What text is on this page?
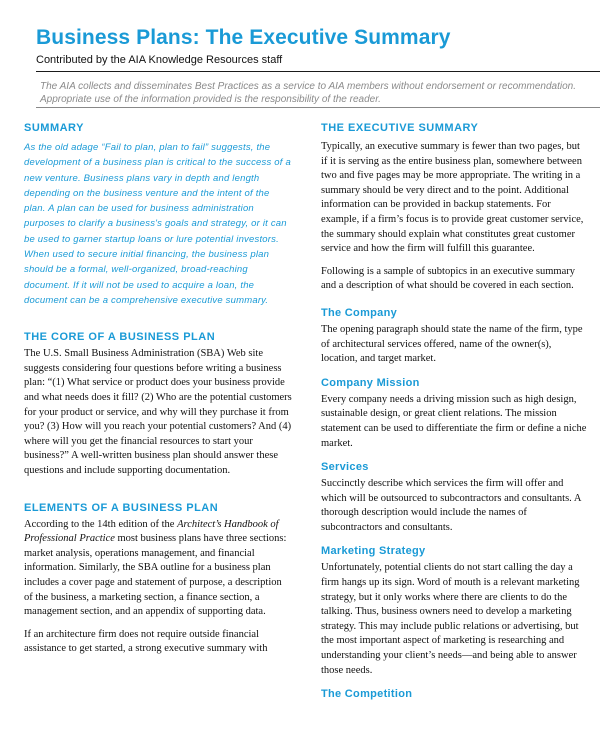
Business Plans: The Executive Summary
Contributed by the AIA Knowledge Resources staff
The AIA collects and disseminates Best Practices as a service to AIA members without endorsement or recommendation.
Appropriate use of the information provided is the responsibility of the reader.
SUMMARY

As the old adage “Fail to plan, plan to fail” suggests, the development of a business plan is critical to the success of a new venture. Business plans vary in depth and length depending on the business venture and the intent of the plan. A plan can be used for business administration purposes to clarify a business's goals and strategy, or it can be used to garner startup loans or lure potential investors. When used to secure initial financing, the business plan should be a formal, well-organized, broad-reaching document. If it will not be used to acquire a loan, the document can be a comprehensive executive summary.

THE CORE OF A BUSINESS PLAN

The U.S. Small Business Administration (SBA) Web site suggests considering four questions before writing a business plan: “(1) What service or product does your business provide and what needs does it fill? (2) Who are the potential customers for your product or service, and why will they purchase it from you? (3) How will you reach your potential customers? And (4) where will you get the financial resources to start your business?” A well-written business plan should answer these questions and include supporting documentation.

ELEMENTS OF A BUSINESS PLAN

According to the 14th edition of the Architect’s Handbook of Professional Practice most business plans have three sections: market analysis, operations management, and financial information. Similarly, the SBA outline for a business plan includes a cover page and statement of purpose, a description of the business, a marketing section, a finance section, a management section, and an appendix of supporting data.

If an architecture firm does not require outside financial assistance to get started, a strong executive summary with

THE EXECUTIVE SUMMARY

Typically, an executive summary is fewer than two pages, but if it is serving as the entire business plan, somewhere between two and five pages may be more appropriate. The writing in a summary should be very direct and to the point. Additional information can be provided in backup statements. For example, if a firm’s focus is to provide great customer service, the summary should explain what constitutes great customer service and how the firm will fulfill this guarantee.

Following is a sample of subtopics in an executive summary and a description of what should be covered in each section.

The Company

The opening paragraph should state the name of the firm, type of architectural services offered, name of the owner(s), location, and target market.

Company Mission

Every company needs a driving mission such as high design, sustainable design, or great client relations. The mission statement can be used to differentiate the firm or define a niche market.

Services

Succinctly describe which services the firm will offer and which will be outsourced to subcontractors and consultants. A thorough description would include the names of subcontractors and consultants.

Marketing Strategy

Unfortunately, potential clients do not start calling the day a firm hangs up its sign. Word of mouth is a relevant marketing strategy, but it only works where there are clients to do the talking. Thus, business owners need to develop a marketing strategy. This may include public relations or advertising, but the most important aspect of marketing is researching and understanding your client’s needs—and being able to answer those needs.

The Competition
